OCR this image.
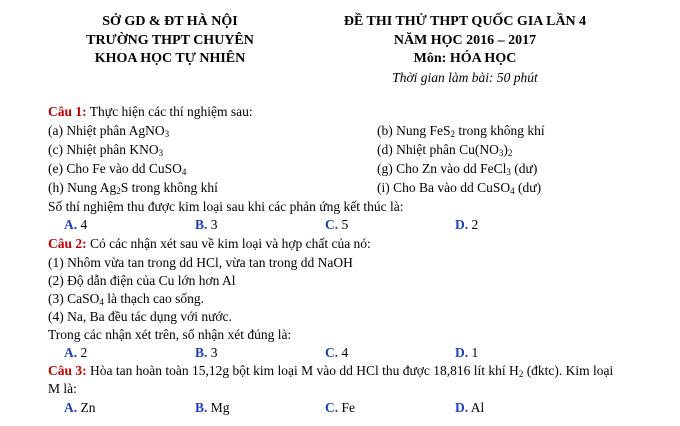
SỞ GD & ĐT HÀ NỘI
TRƯỜNG THPT CHUYÊN
KHOA HỌC TỰ NHIÊN
ĐỀ THI THỬ THPT QUỐC GIA LẦN 4
NĂM HỌC 2016 – 2017
Môn: HÓA HỌC
Thời gian làm bài: 50 phút
Câu 1: Thực hiện các thí nghiệm sau:
(a) Nhiệt phân AgNO$_3$	(b) Nung FeS$_2$ trong không khí
(c) Nhiệt phân $KNO_3$	(d) Nhiệt phân $Cu(NO_3)_2$
(e) Cho Fe vào dd CuSO$_4$	(g) Cho Zn vào dd FeCl$_3$ (dư)
(h) Nung $Ag_2S$ trong không khí	(i) Cho Ba vào dd CuSO$_4$ (dư)
Số thí nghiệm thu được kim loại sau khi các phản ứng kết thúc là:
A. 4	B. 3	C. 5	D. 2
Câu 2: Có các nhận xét sau về kim loại và hợp chất của nó:
(1) Nhôm vừa tan trong dd HCl, vừa tan trong dd NaOH
(2) Độ dẫn điện của Cu lớn hơn Al
(3) CaSO$_4$ là thạch cao sống.
(4) Na, Ba đều tác dụng với nước.
Trong các nhận xét trên, số nhận xét đúng là:
A. 2	B. 3	C. 4	D. 1
Câu 3: Hòa tan hoàn toàn 15,12g bột kim loại M vào dd HCl thu được 18,816 lít khí $H_2$ (đktc). Kim loại
M là:
A. Zn	B. Mg	C. Fe	D. Al
